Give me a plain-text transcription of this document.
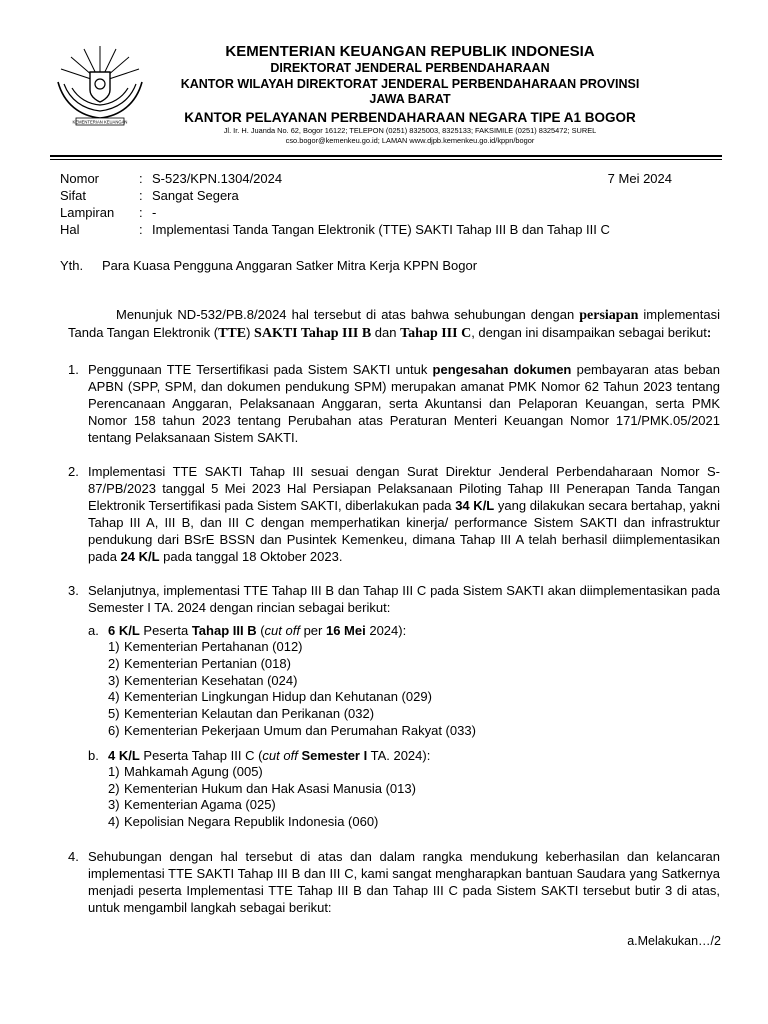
KEMENTERIAN KEUANGAN
KEMENTERIAN KEUANGAN REPUBLIK INDONESIA
DIREKTORAT JENDERAL PERBENDAHARAAN
KANTOR WILAYAH DIREKTORAT JENDERAL PERBENDAHARAAN PROVINSI
JAWA BARAT
KANTOR PELAYANAN PERBENDAHARAAN NEGARA TIPE A1 BOGOR
Jl. Ir. H. Juanda No. 62, Bogor 16122; TELEPON (0251) 8325003, 8325133; FAKSIMILE (0251) 8325472; SUREL
cso.bogor@kemenkeu.go.id; LAMAN www.djpb.kemenkeu.go.id/kppn/bogor
Nomor	: S-523/KPN.1304/2024
Sifat	: Sangat Segera
Lampiran	: -
Hal	: Implementasi Tanda Tangan Elektronik (TTE) SAKTI Tahap III B dan Tahap III C
7 Mei 2024
Yth.	Para Kuasa Pengguna Anggaran Satker Mitra Kerja KPPN Bogor

Menunjuk ND-532/PB.8/2024 hal tersebut di atas bahwa sehubungan dengan persiapan implementasi Tanda Tangan Elektronik (TTE) SAKTI Tahap III B dan Tahap III C, dengan ini disampaikan sebagai berikut:

1. Penggunaan TTE Tersertifikasi pada Sistem SAKTI untuk pengesahan dokumen pembayaran atas beban APBN (SPP, SPM, dan dokumen pendukung SPM) merupakan amanat PMK Nomor 62 Tahun 2023 tentang Perencanaan Anggaran, Pelaksanaan Anggaran, serta Akuntansi dan Pelaporan Keuangan, serta PMK Nomor 158 tahun 2023 tentang Perubahan atas Peraturan Menteri Keuangan Nomor 171/PMK.05/2021 tentang Pelaksanaan Sistem SAKTI.
2. Implementasi TTE SAKTI Tahap III sesuai dengan Surat Direktur Jenderal Perbendaharaan Nomor S-87/PB/2023 tanggal 5 Mei 2023 Hal Persiapan Pelaksanaan Piloting Tahap III Penerapan Tanda Tangan Elektronik Tersertifikasi pada Sistem SAKTI, diberlakukan pada 34 K/L yang dilakukan secara bertahap, yakni Tahap III A, III B, dan III C dengan memperhatikan kinerja/ performance Sistem SAKTI dan infrastruktur pendukung dari BSrE BSSN dan Pusintek Kemenkeu, dimana Tahap III A telah berhasil diimplementasikan pada 24 K/L pada tanggal 18 Oktober 2023.
3. Selanjutnya, implementasi TTE Tahap III B dan Tahap III C pada Sistem SAKTI akan diimplementasikan pada Semester I TA. 2024 dengan rincian sebagai berikut:
a. 6 K/L Peserta Tahap III B (cut off per 16 Mei 2024):
1) Kementerian Pertahanan (012)
2) Kementerian Pertanian (018)
3) Kementerian Kesehatan (024)
4) Kementerian Lingkungan Hidup dan Kehutanan (029)
5) Kementerian Kelautan dan Perikanan (032)
6) Kementerian Pekerjaan Umum dan Perumahan Rakyat (033)
b. 4 K/L Peserta Tahap III C (cut off Semester I TA. 2024):
1) Mahkamah Agung (005)
2) Kementerian Hukum dan Hak Asasi Manusia (013)
3) Kementerian Agama (025)
4) Kepolisian Negara Republik Indonesia (060)
4. Sehubungan dengan hal tersebut di atas dan dalam rangka mendukung keberhasilan dan kelancaran implementasi TTE SAKTI Tahap III B dan III C, kami sangat mengharapkan bantuan Saudara yang Satkernya menjadi peserta Implementasi TTE Tahap III B dan Tahap III C pada Sistem SAKTI tersebut butir 3 di atas, untuk mengambil langkah sebagai berikut:
a.Melakukan…/2
